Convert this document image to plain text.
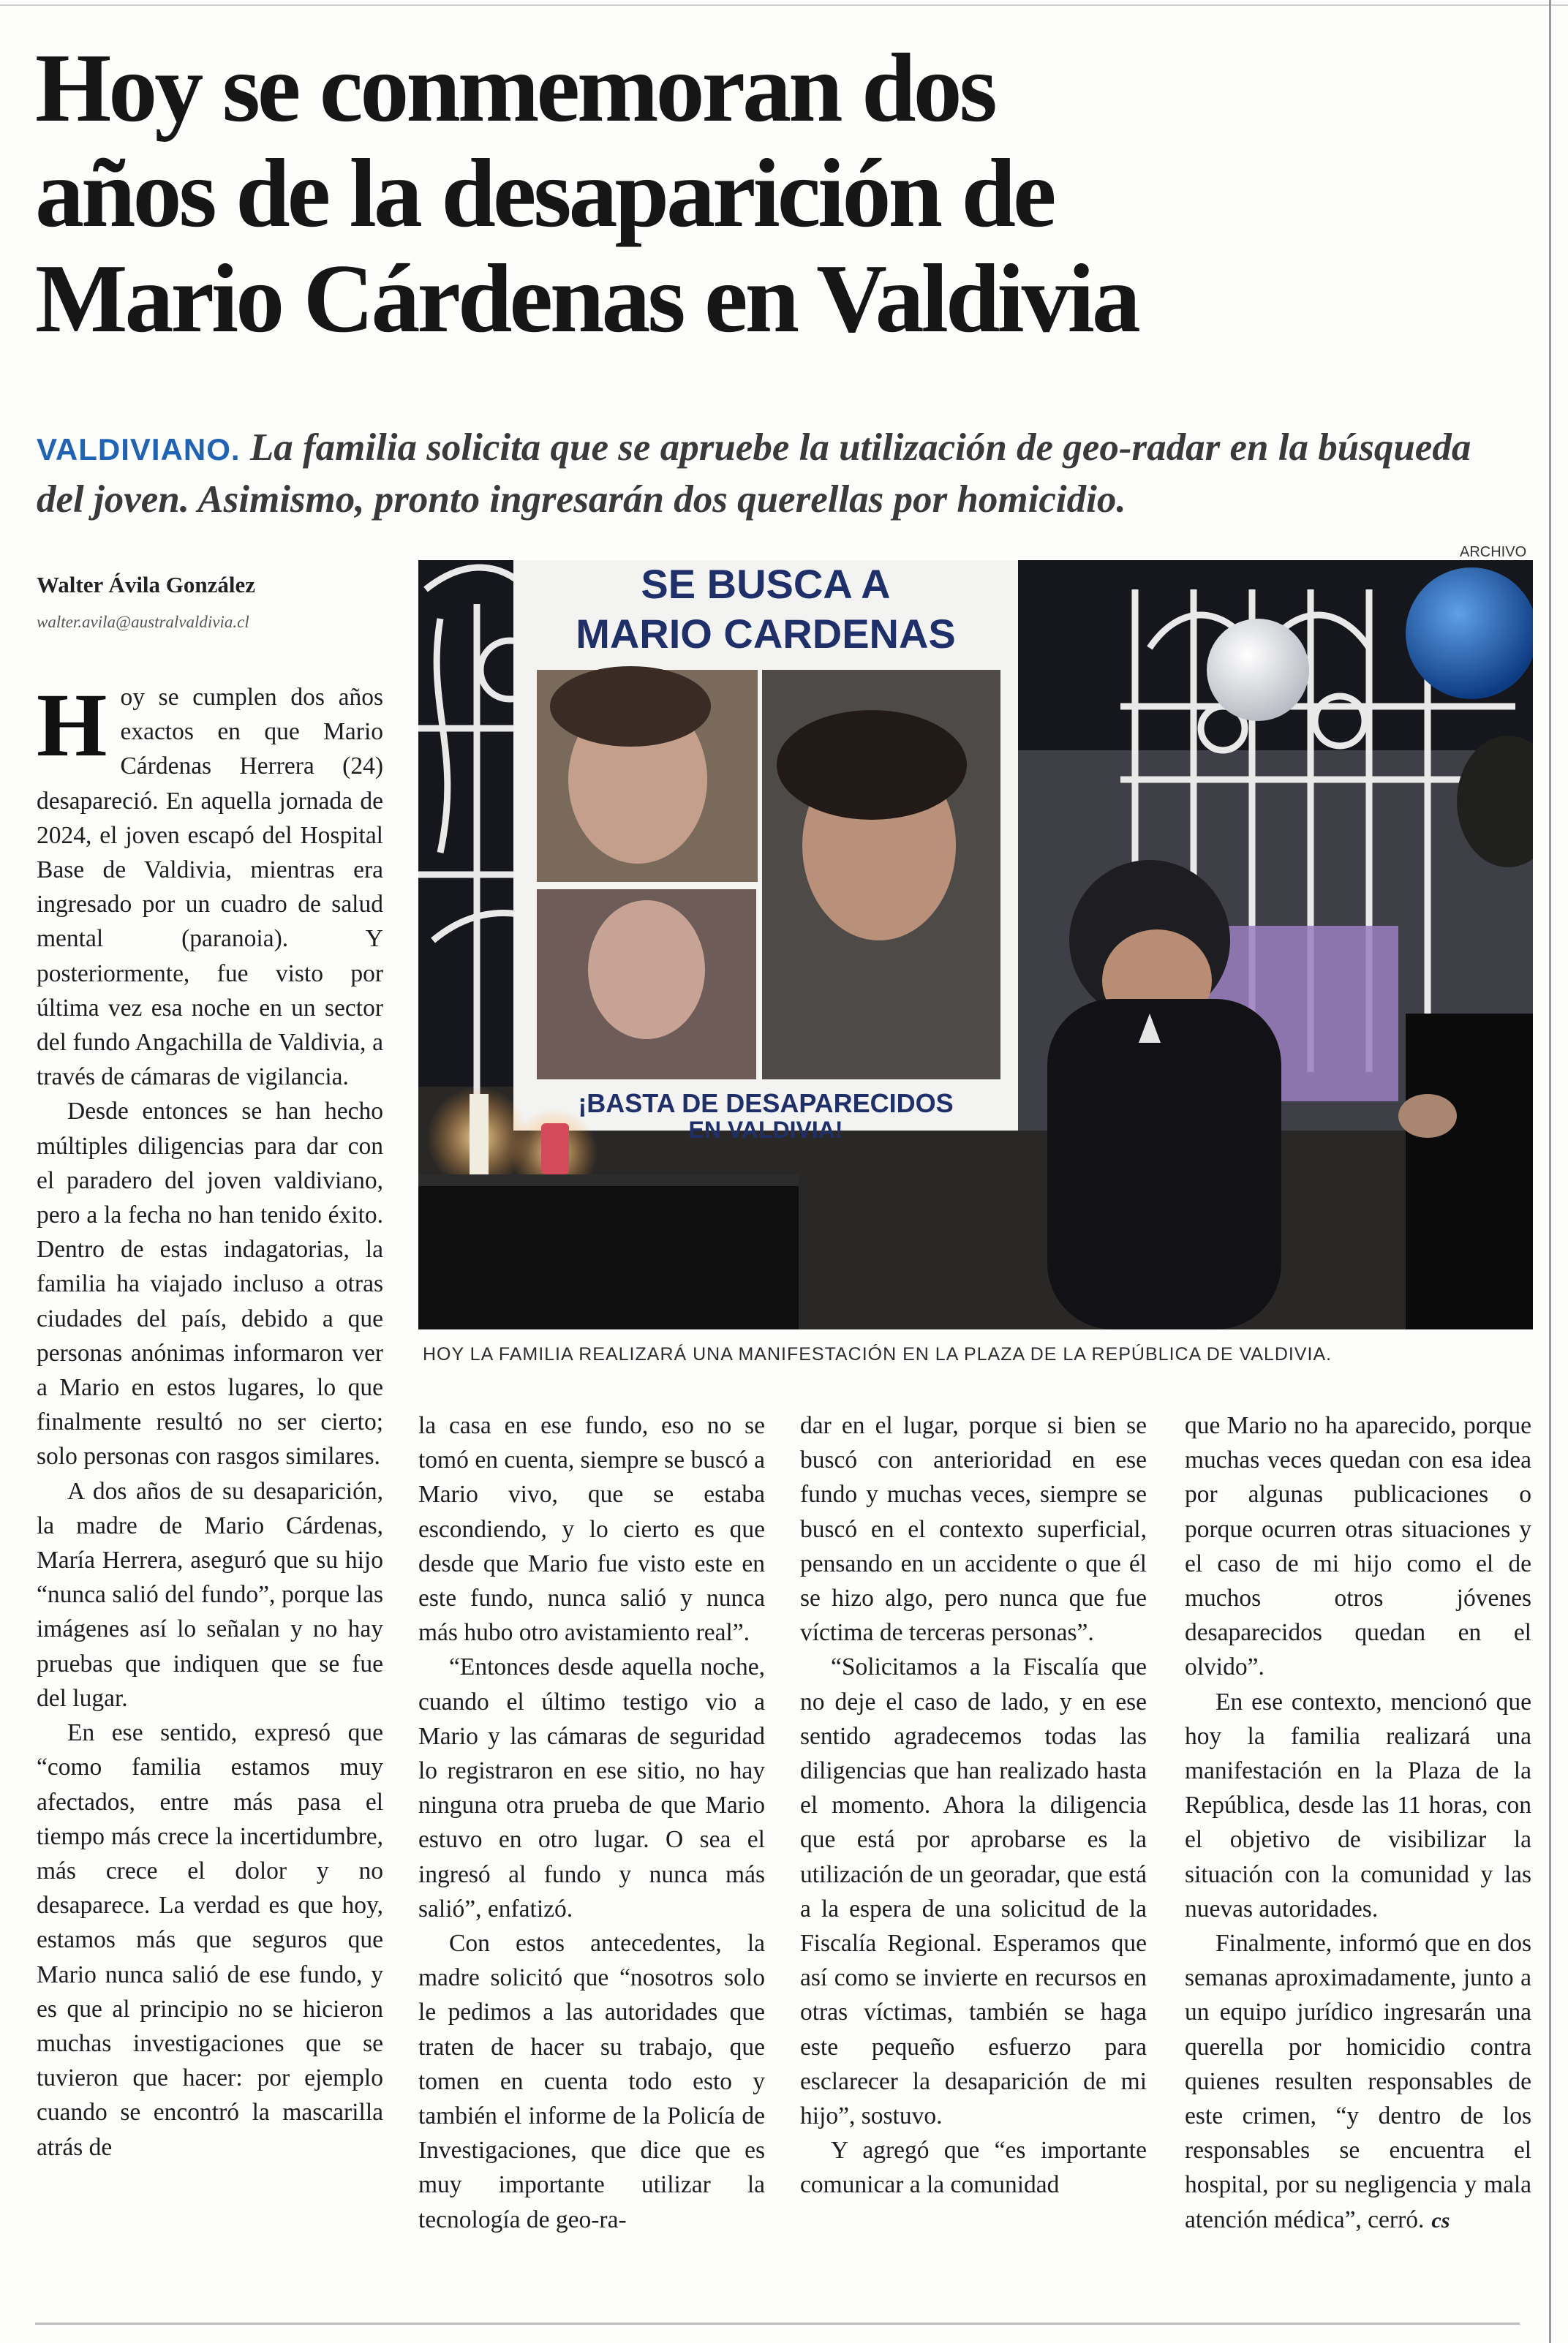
Hoy se conmemoran dos
años de la desaparición de
Mario Cárdenas en Valdivia
VALDIVIANO. La familia solicita que se apruebe la utilización de geo-radar en la búsqueda del joven. Asimismo, pronto ingresarán dos querellas por homicidio.
Walter Ávila González
walter.avila@australvaldivia.cl
ARCHIVO
SE BUSCA A
MARIO CARDENAS
¡BASTA DE DESAPARECIDOS
EN VALDIVIA!
HOY LA FAMILIA REALIZARÁ UNA MANIFESTACIÓN EN LA PLAZA DE LA REPÚBLICA DE VALDIVIA.

Hoy se cumplen dos años exactos en que Mario Cárdenas Herrera (24) desapareció. En aquella jornada de 2024, el joven escapó del Hospital Base de Valdivia, mientras era ingresado por un cuadro de salud mental (paranoia). Y posteriormente, fue visto por última vez esa noche en un sector del fundo Angachilla de Valdivia, a través de cámaras de vigilancia.

Desde entonces se han hecho múltiples diligencias para dar con el paradero del joven valdiviano, pero a la fecha no han tenido éxito. Dentro de estas indagatorias, la familia ha viajado incluso a otras ciudades del país, debido a que personas anónimas informaron ver a Mario en estos lugares, lo que finalmente resultó no ser cierto; solo personas con rasgos similares.

A dos años de su desaparición, la madre de Mario Cárdenas, María Herrera, aseguró que su hijo “nunca salió del fundo”, porque las imágenes así lo señalan y no hay pruebas que indiquen que se fue del lugar.

En ese sentido, expresó que “como familia estamos muy afectados, entre más pasa el tiempo más crece la incertidumbre, más crece el dolor y no desaparece. La verdad es que hoy, estamos más que seguros que Mario nunca salió de ese fundo, y es que al principio no se hicieron muchas investigaciones que se tuvieron que hacer: por ejemplo cuando se encontró la mascarilla atrás de

la casa en ese fundo, eso no se tomó en cuenta, siempre se buscó a Mario vivo, que se estaba escondiendo, y lo cierto es que desde que Mario fue visto este en este fundo, nunca salió y nunca más hubo otro avistamiento real”.

“Entonces desde aquella noche, cuando el último testigo vio a Mario y las cámaras de seguridad lo registraron en ese sitio, no hay ninguna otra prueba de que Mario estuvo en otro lugar. O sea el ingresó al fundo y nunca más salió”, enfatizó.

Con estos antecedentes, la madre solicitó que “nosotros solo le pedimos a las autoridades que traten de hacer su trabajo, que tomen en cuenta todo esto y también el informe de la Policía de Investigaciones, que dice que es muy importante utilizar la tecnología de geo-ra-

dar en el lugar, porque si bien se buscó con anterioridad en ese fundo y muchas veces, siempre se buscó en el contexto superficial, pensando en un accidente o que él se hizo algo, pero nunca que fue víctima de terceras personas”.

“Solicitamos a la Fiscalía que no deje el caso de lado, y en ese sentido agradecemos todas las diligencias que han realizado hasta el momento. Ahora la diligencia que está por aprobarse es la utilización de un georadar, que está a la espera de una solicitud de la Fiscalía Regional. Esperamos que así como se invierte en recursos en otras víctimas, también se haga este pequeño esfuerzo para esclarecer la desaparición de mi hijo”, sostuvo.

Y agregó que “es importante comunicar a la comunidad

que Mario no ha aparecido, porque muchas veces quedan con esa idea por algunas publicaciones o porque ocurren otras situaciones y el caso de mi hijo como el de muchos otros jóvenes desaparecidos quedan en el olvido”.

En ese contexto, mencionó que hoy la familia realizará una manifestación en la Plaza de la República, desde las 11 horas, con el objetivo de visibilizar la situación con la comunidad y las nuevas autoridades.

Finalmente, informó que en dos semanas aproximadamente, junto a un equipo jurídico ingresarán una querella por homicidio contra quienes resulten responsables de este crimen, “y dentro de los responsables se encuentra el hospital, por su negligencia y mala atención médica”, cerró. cs
